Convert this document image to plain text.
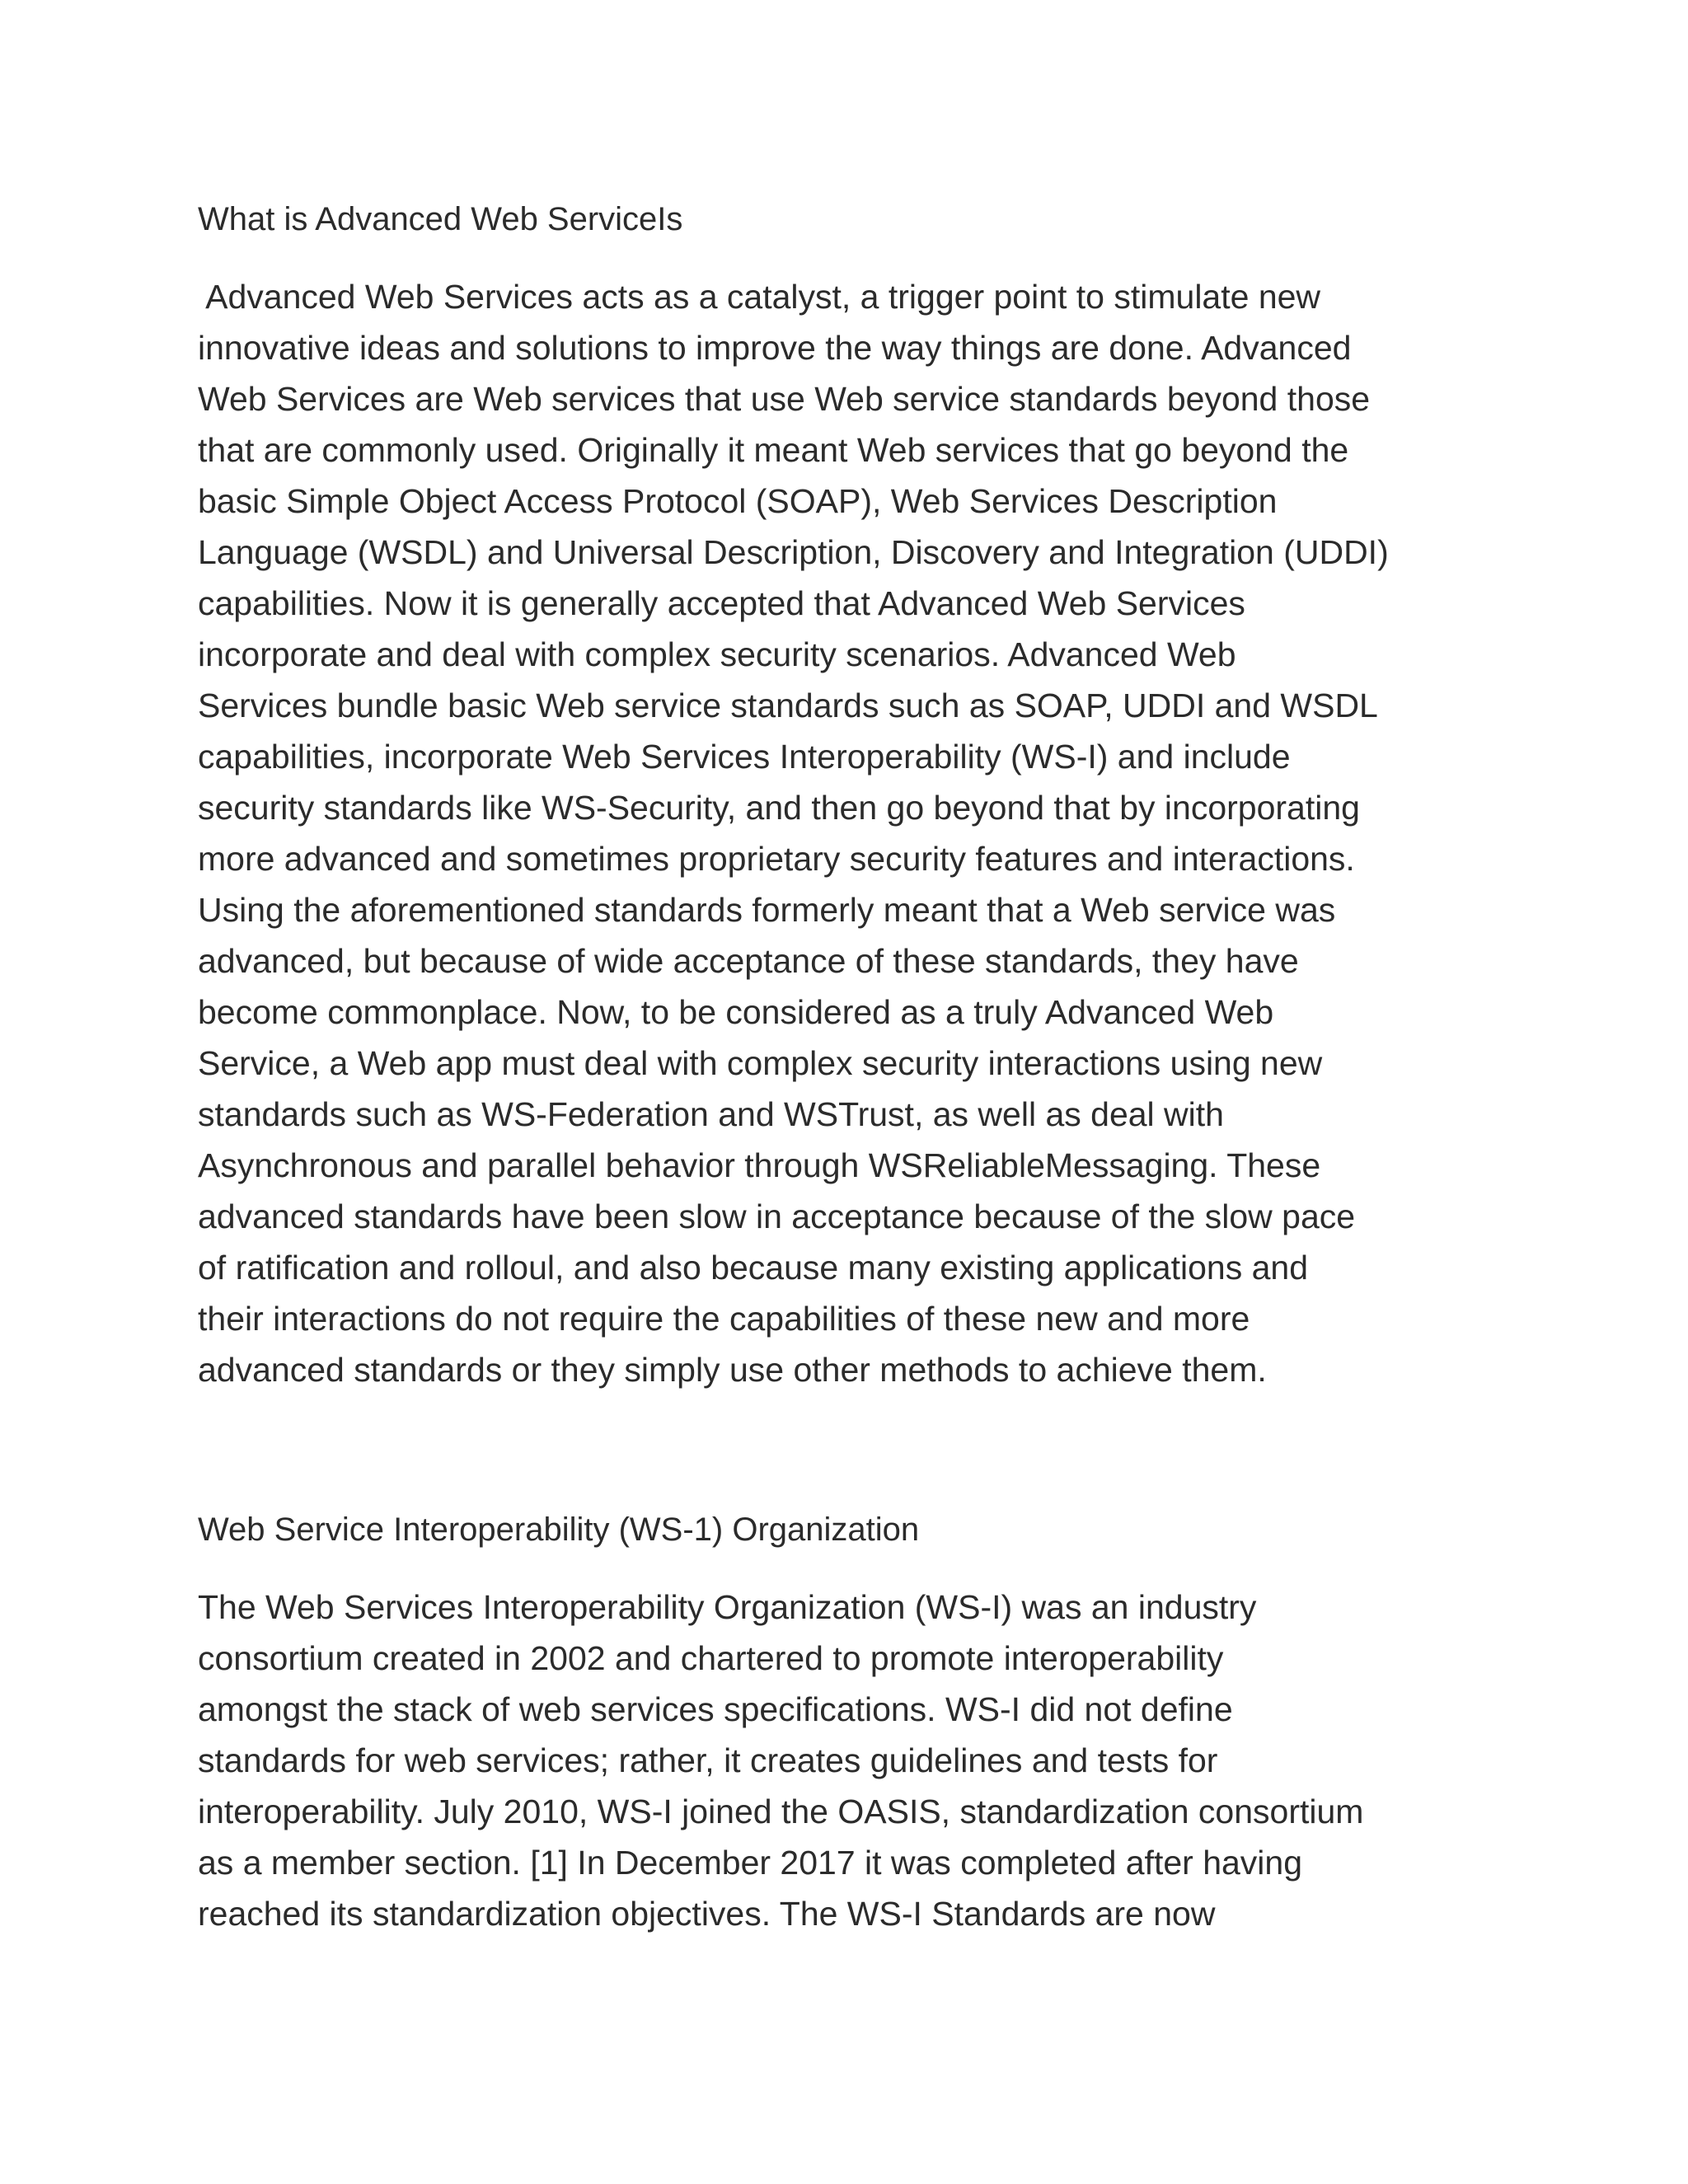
What is Advanced Web ServiceIs
Advanced Web Services acts as a catalyst, a trigger point to stimulate new
innovative ideas and solutions to improve the way things are done. Advanced
Web Services are Web services that use Web service standards beyond those
that are commonly used. Originally it meant Web services that go beyond the
basic Simple Object Access Protocol (SOAP), Web Services Description
Language (WSDL) and Universal Description, Discovery and Integration (UDDI)
capabilities. Now it is generally accepted that Advanced Web Services
incorporate and deal with complex security scenarios. Advanced Web
Services bundle basic Web service standards such as SOAP, UDDI and WSDL
capabilities, incorporate Web Services Interoperability (WS-I) and include
security standards like WS-Security, and then go beyond that by incorporating
more advanced and sometimes proprietary security features and interactions.
Using the aforementioned standards formerly meant that a Web service was
advanced, but because of wide acceptance of these standards, they have
become commonplace. Now, to be considered as a truly Advanced Web
Service, a Web app must deal with complex security interactions using new
standards such as WS-Federation and WSTrust, as well as deal with
Asynchronous and parallel behavior through WSReliableMessaging. These
advanced standards have been slow in acceptance because of the slow pace
of ratification and rolloul, and also because many existing applications and
their interactions do not require the capabilities of these new and more
advanced standards or they simply use other methods to achieve them.
Web Service Interoperability (WS-1) Organization
The Web Services Interoperability Organization (WS-I) was an industry
consortium created in 2002 and chartered to promote interoperability
amongst the stack of web services specifications. WS-I did not define
standards for web services; rather, it creates guidelines and tests for
interoperability. July 2010, WS-I joined the OASIS, standardization consortium
as a member section. [1] In December 2017 it was completed after having
reached its standardization objectives. The WS-I Standards are now
